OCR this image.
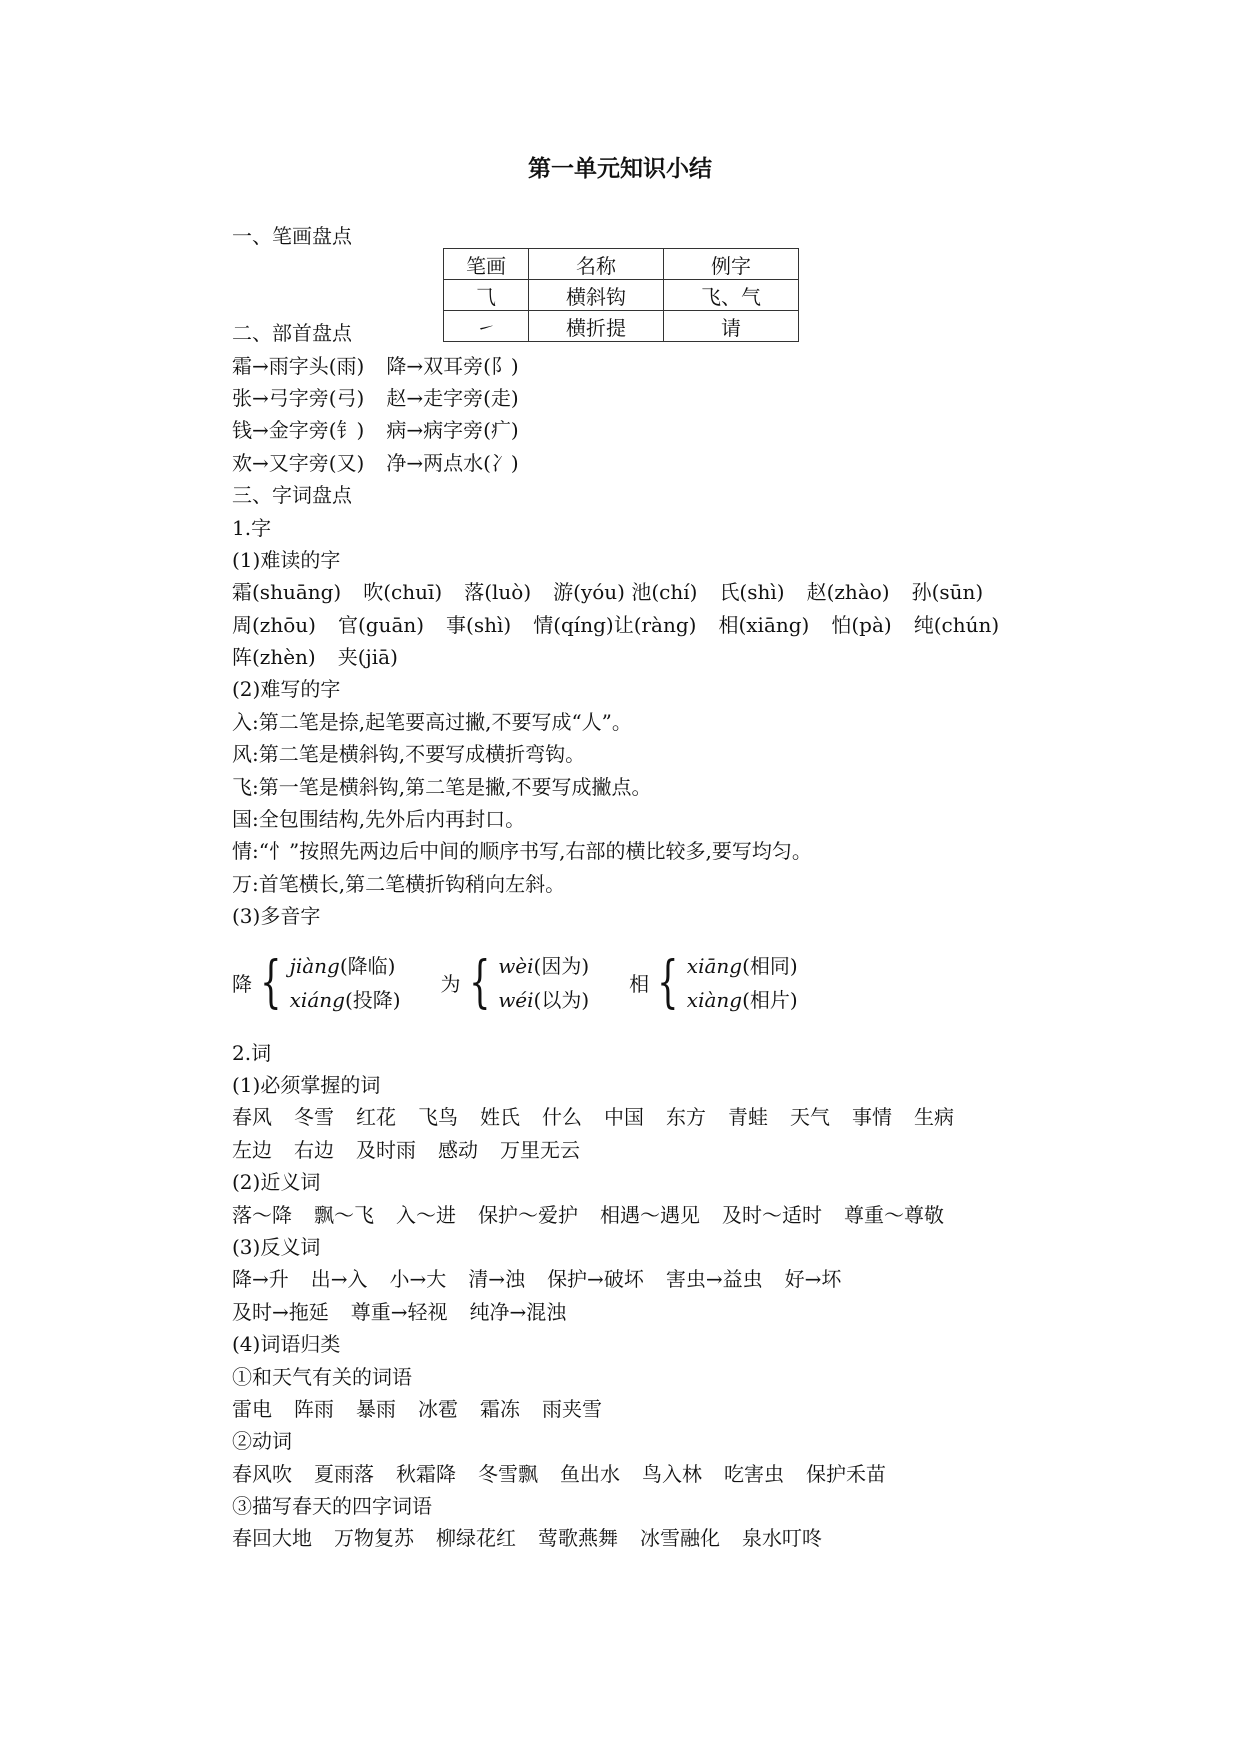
第一单元知识小结
笔画	名称	例字
⺄	横斜钩	飞、气
㇀	横折提	请
一、笔画盘点
二、部首盘点
霜→雨字头(雨) 降→双耳旁(阝)
张→弓字旁(弓) 赵→走字旁(走)
钱→金字旁(钅) 病→病字旁(疒)
欢→又字旁(又) 净→两点水(冫)
三、字词盘点
1.字
(1)难读的字
霜(shuāng) 吹(chuī) 落(luò) 游(yóu) 池(chí) 氏(shì) 赵(zhào) 孙(sūn)
周(zhōu) 官(guān) 事(shì) 情(qíng)让(ràng) 相(xiāng) 怕(pà) 纯(chún)
阵(zhèn) 夹(jiā)
(2)难写的字
入:第二笔是捺,起笔要高过撇,不要写成“人”。
风:第二笔是横斜钩,不要写成横折弯钩。
飞:第一笔是横斜钩,第二笔是撇,不要写成撇点。
国:全包围结构,先外后内再封口。
情:“忄”按照先两边后中间的顺序书写,右部的横比较多,要写均匀。
万:首笔横长,第二笔横折钩稍向左斜。
(3)多音字
降 { jiàng(降临)
xiáng(投降)
为 { wèi(因为)
wéi(以为)
相 { xiāng(相同)
xiàng(相片)
2.词
(1)必须掌握的词
春风 冬雪 红花 飞鸟 姓氏 什么 中国 东方 青蛙 天气 事情 生病
左边 右边 及时雨 感动 万里无云
(2)近义词
落～降 飘～飞 入～进 保护～爱护 相遇～遇见 及时～适时 尊重～尊敬
(3)反义词
降→升 出→入 小→大 清→浊 保护→破坏 害虫→益虫 好→坏
及时→拖延 尊重→轻视 纯净→混浊
(4)词语归类
①和天气有关的词语
雷电 阵雨 暴雨 冰雹 霜冻 雨夹雪
②动词
春风吹 夏雨落 秋霜降 冬雪飘 鱼出水 鸟入林 吃害虫 保护禾苗
③描写春天的四字词语
春回大地 万物复苏 柳绿花红 莺歌燕舞 冰雪融化 泉水叮咚
